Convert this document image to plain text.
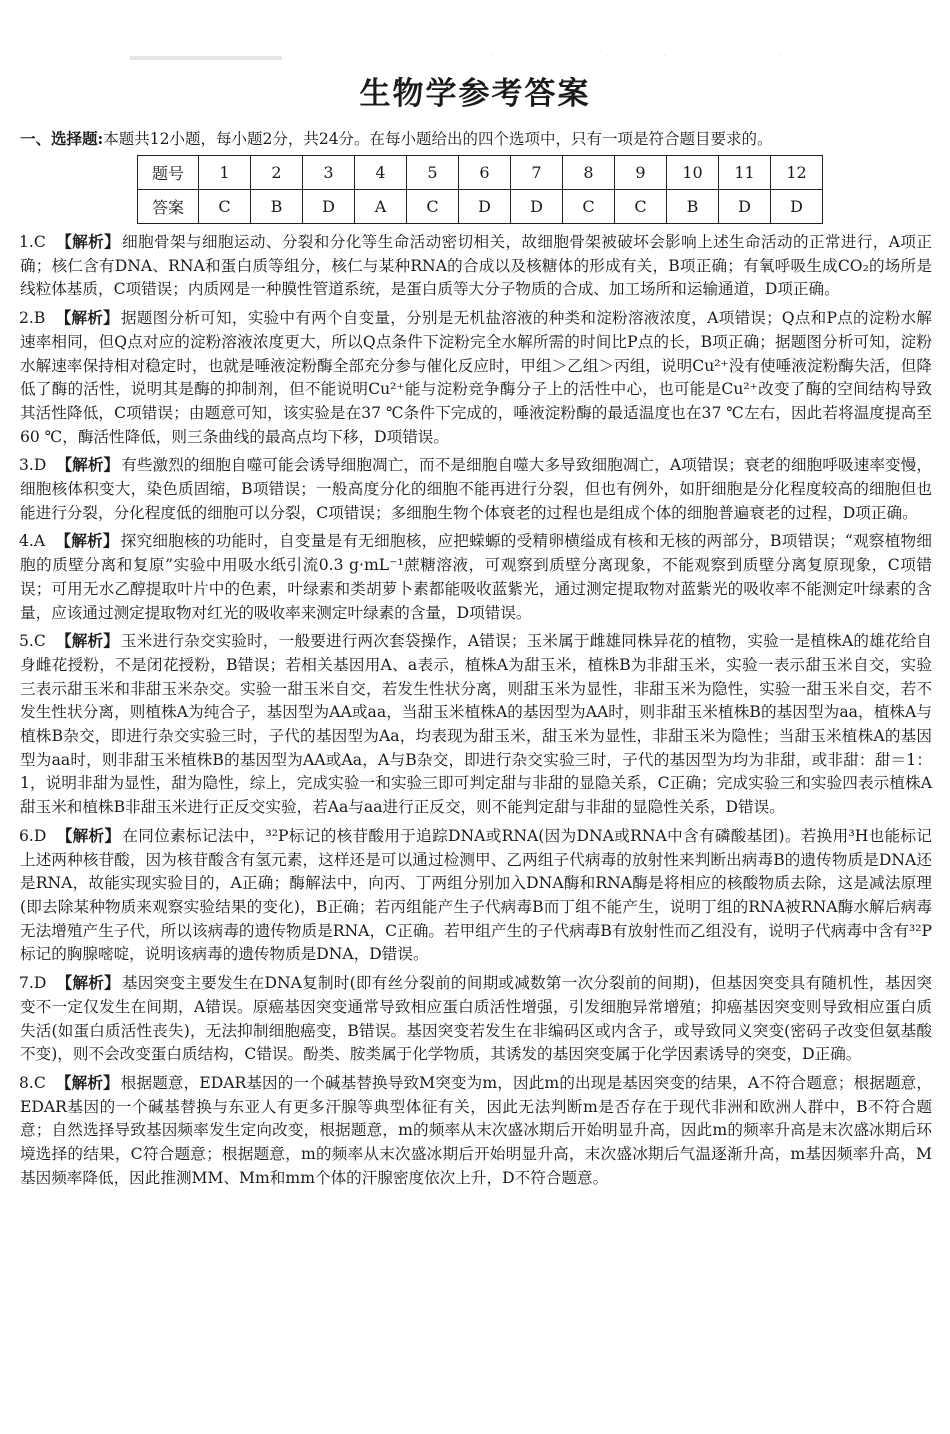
· · · · · · ·
生物学参考答案
一、选择题:本题共12小题，每小题2分，共24分。在每小题给出的四个选项中，只有一项是符合题目要求的。
题号	1	2	3	4	5	6	7	8	9	10	11	12
答案	C	B	D	A	C	D	D	C	C	B	D	D

1.C 【解析】 细胞骨架与细胞运动、分裂和分化等生命活动密切相关，故细胞骨架被破坏会影响上述生命活动的正常进行，A项正确；核仁含有DNA、RNA和蛋白质等组分，核仁与某种RNA的合成以及核糖体的形成有关，B项正确；有氧呼吸生成CO₂的场所是线粒体基质，C项错误；内质网是一种膜性管道系统，是蛋白质等大分子物质的合成、加工场所和运输通道，D项正确。

2.B 【解析】 据题图分析可知，实验中有两个自变量，分别是无机盐溶液的种类和淀粉溶液浓度，A项错误；Q点和P点的淀粉水解速率相同，但Q点对应的淀粉溶液浓度更大，所以Q点条件下淀粉完全水解所需的时间比P点的长，B项正确；据题图分析可知，淀粉水解速率保持相对稳定时，也就是唾液淀粉酶全部充分参与催化反应时，甲组＞乙组＞丙组，说明Cu²⁺没有使唾液淀粉酶失活，但降低了酶的活性，说明其是酶的抑制剂，但不能说明Cu²⁺能与淀粉竞争酶分子上的活性中心，也可能是Cu²⁺改变了酶的空间结构导致其活性降低，C项错误；由题意可知，该实验是在37 ℃条件下完成的，唾液淀粉酶的最适温度也在37 ℃左右，因此若将温度提高至60 ℃，酶活性降低，则三条曲线的最高点均下移，D项错误。

3.D 【解析】 有些激烈的细胞自噬可能会诱导细胞凋亡，而不是细胞自噬大多导致细胞凋亡，A项错误；衰老的细胞呼吸速率变慢，细胞核体积变大，染色质固缩，B项错误；一般高度分化的细胞不能再进行分裂，但也有例外，如肝细胞是分化程度较高的细胞但也能进行分裂，分化程度低的细胞可以分裂，C项错误；多细胞生物个体衰老的过程也是组成个体的细胞普遍衰老的过程，D项正确。

4.A 【解析】 探究细胞核的功能时，自变量是有无细胞核，应把蝾螈的受精卵横缢成有核和无核的两部分，B项错误；“观察植物细胞的质壁分离和复原”实验中用吸水纸引流0.3 g·mL⁻¹蔗糖溶液，可观察到质壁分离现象，不能观察到质壁分离复原现象，C项错误；可用无水乙醇提取叶片中的色素，叶绿素和类胡萝卜素都能吸收蓝紫光，通过测定提取物对蓝紫光的吸收率不能测定叶绿素的含量，应该通过测定提取物对红光的吸收率来测定叶绿素的含量，D项错误。

5.C 【解析】 玉米进行杂交实验时，一般要进行两次套袋操作，A错误；玉米属于雌雄同株异花的植物，实验一是植株A的雄花给自身雌花授粉，不是闭花授粉，B错误；若相关基因用A、a表示，植株A为甜玉米，植株B为非甜玉米，实验一表示甜玉米自交，实验三表示甜玉米和非甜玉米杂交。实验一甜玉米自交，若发生性状分离，则甜玉米为显性，非甜玉米为隐性，实验一甜玉米自交，若不发生性状分离，则植株A为纯合子，基因型为AA或aa，当甜玉米植株A的基因型为AA时，则非甜玉米植株B的基因型为aa，植株A与植株B杂交，即进行杂交实验三时，子代的基因型为Aa，均表现为甜玉米，甜玉米为显性，非甜玉米为隐性；当甜玉米植株A的基因型为aa时，则非甜玉米植株B的基因型为AA或Aa，A与B杂交，即进行杂交实验三时，子代的基因型为均为非甜，或非甜：甜＝1：1，说明非甜为显性，甜为隐性，综上，完成实验一和实验三即可判定甜与非甜的显隐关系，C正确；完成实验三和实验四表示植株A甜玉米和植株B非甜玉米进行正反交实验，若Aa与aa进行正反交，则不能判定甜与非甜的显隐性关系，D错误。

6.D 【解析】 在同位素标记法中，³²P标记的核苷酸用于追踪DNA或RNA(因为DNA或RNA中含有磷酸基团)。若换用³H也能标记上述两种核苷酸，因为核苷酸含有氢元素，这样还是可以通过检测甲、乙两组子代病毒的放射性来判断出病毒B的遗传物质是DNA还是RNA，故能实现实验目的，A正确；酶解法中，向丙、丁两组分别加入DNA酶和RNA酶是将相应的核酸物质去除，这是减法原理(即去除某种物质来观察实验结果的变化)，B正确；若丙组能产生子代病毒B而丁组不能产生，说明丁组的RNA被RNA酶水解后病毒无法增殖产生子代，所以该病毒的遗传物质是RNA，C正确。若甲组产生的子代病毒B有放射性而乙组没有，说明子代病毒中含有³²P标记的胸腺嘧啶，说明该病毒的遗传物质是DNA，D错误。

7.D 【解析】 基因突变主要发生在DNA复制时(即有丝分裂前的间期或减数第一次分裂前的间期)，但基因突变具有随机性，基因突变不一定仅发生在间期，A错误。原癌基因突变通常导致相应蛋白质活性增强，引发细胞异常增殖；抑癌基因突变则导致相应蛋白质失活(如蛋白质活性丧失)，无法抑制细胞癌变，B错误。基因突变若发生在非编码区或内含子，或导致同义突变(密码子改变但氨基酸不变)，则不会改变蛋白质结构，C错误。酚类、胺类属于化学物质，其诱发的基因突变属于化学因素诱导的突变，D正确。

8.C 【解析】 根据题意，EDAR基因的一个碱基替换导致M突变为m，因此m的出现是基因突变的结果，A不符合题意；根据题意，EDAR基因的一个碱基替换与东亚人有更多汗腺等典型体征有关，因此无法判断m是否存在于现代非洲和欧洲人群中，B不符合题意；自然选择导致基因频率发生定向改变，根据题意，m的频率从末次盛冰期后开始明显升高，因此m的频率升高是末次盛冰期后环境选择的结果，C符合题意；根据题意，m的频率从末次盛冰期后开始明显升高，末次盛冰期后气温逐渐升高，m基因频率升高，M基因频率降低，因此推测MM、Mm和mm个体的汗腺密度依次上升，D不符合题意。
